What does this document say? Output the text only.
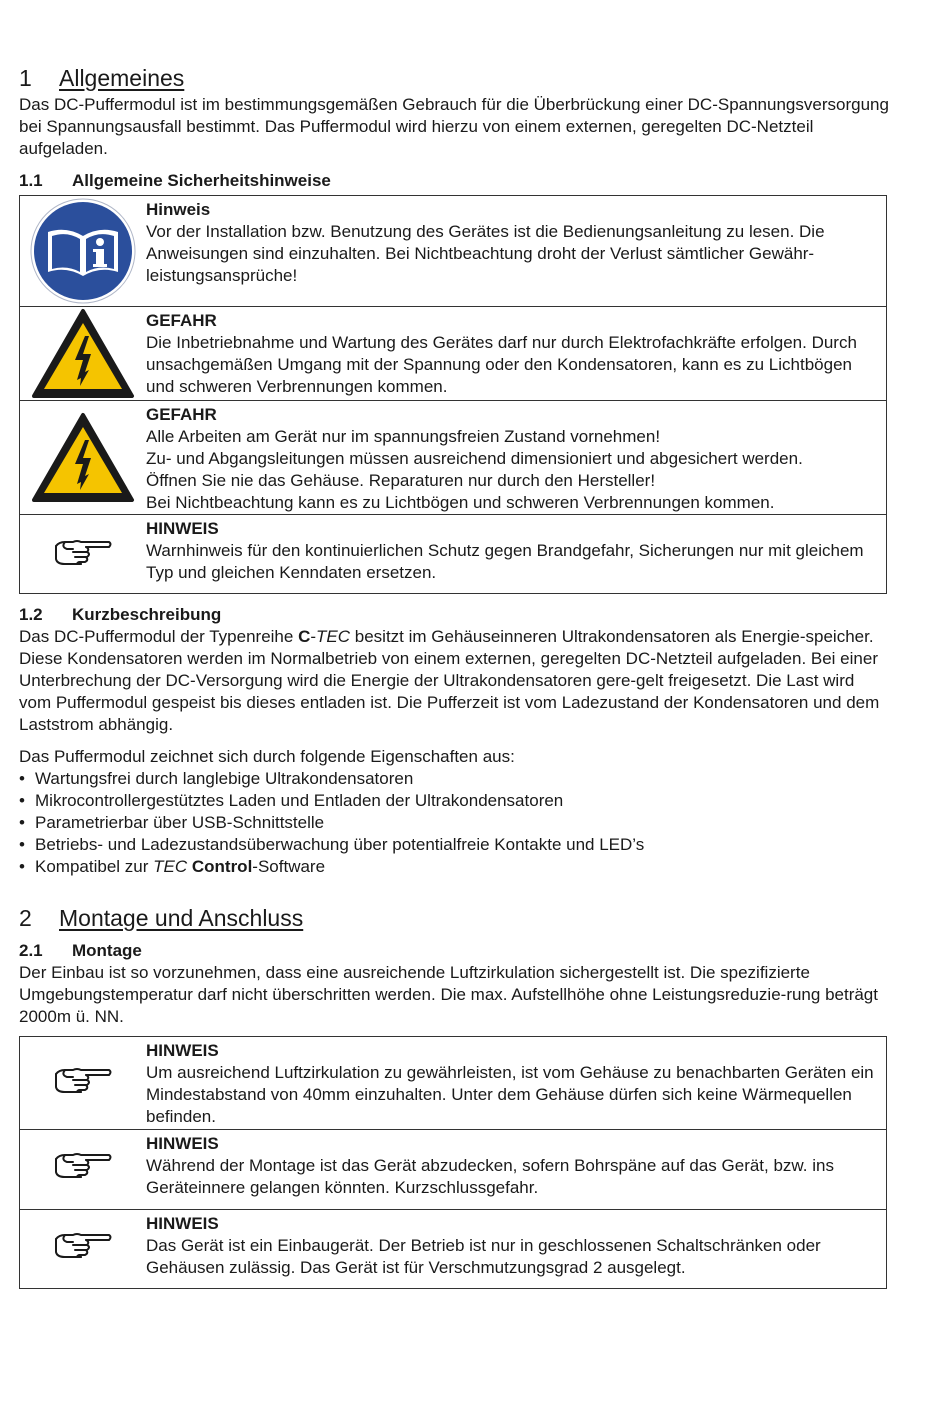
1	Allgemeines

Das DC-Puffermodul ist im bestimmungsgemäßen Gebrauch für die Überbrückung einer DC-Spannungsversorgung bei Spannungsausfall bestimmt. Das Puffermodul wird hierzu von einem externen, geregelten DC-Netzteil aufgeladen.

1.1	Allgemeine Sicherheitshinweise
Hinweis
Vor der Installation bzw. Benutzung des Gerätes ist die Bedienungsanleitung zu lesen. Die Anweisungen sind einzuhalten. Bei Nichtbeachtung droht der Verlust sämtlicher Gewähr-leistungsansprüche!
GEFAHR
Die Inbetriebnahme und Wartung des Gerätes darf nur durch Elektrofachkräfte erfolgen. Durch unsachgemäßen Umgang mit der Spannung oder den Kondensatoren, kann es zu Lichtbögen und schweren Verbrennungen kommen.
GEFAHR
Alle Arbeiten am Gerät nur im spannungsfreien Zustand vornehmen!
Zu- und Abgangsleitungen müssen ausreichend dimensioniert und abgesichert werden.
Öffnen Sie nie das Gehäuse. Reparaturen nur durch den Hersteller!
Bei Nichtbeachtung kann es zu Lichtbögen und schweren Verbrennungen kommen.
HINWEIS
Warnhinweis für den kontinuierlichen Schutz gegen Brandgefahr, Sicherungen nur mit gleichem Typ und gleichen Kenndaten ersetzen.
1.2	Kurzbeschreibung

Das DC-Puffermodul der Typenreihe C-TEC besitzt im Gehäuseinneren Ultrakondensatoren als Energie-speicher. Diese Kondensatoren werden im Normalbetrieb von einem externen, geregelten DC-Netzteil aufgeladen. Bei einer Unterbrechung der DC-Versorgung wird die Energie der Ultrakondensatoren gere-gelt freigesetzt. Die Last wird vom Puffermodul gespeist bis dieses entladen ist. Die Pufferzeit ist vom Ladezustand der Kondensatoren und dem Laststrom abhängig.

Das Puffermodul zeichnet sich durch folgende Eigenschaften aus:

• Wartungsfrei durch langlebige Ultrakondensatoren
• Mikrocontrollergestütztes Laden und Entladen der Ultrakondensatoren
• Parametrierbar über USB-Schnittstelle
• Betriebs- und Ladezustandsüberwachung über potentialfreie Kontakte und LED’s
• Kompatibel zur TEC Control-Software
2	Montage und Anschluss
2.1	Montage

Der Einbau ist so vorzunehmen, dass eine ausreichende Luftzirkulation sichergestellt ist. Die spezifizierte Umgebungstemperatur darf nicht überschritten werden. Die max. Aufstellhöhe ohne Leistungsreduzie-rung beträgt 2000m ü. NN.

HINWEIS
Um ausreichend Luftzirkulation zu gewährleisten, ist vom Gehäuse zu benachbarten Geräten ein Mindestabstand von 40mm einzuhalten. Unter dem Gehäuse dürfen sich keine Wärmequellen befinden.
HINWEIS
Während der Montage ist das Gerät abzudecken, sofern Bohrspäne auf das Gerät, bzw. ins Geräteinnere gelangen könnten. Kurzschlussgefahr.
HINWEIS
Das Gerät ist ein Einbaugerät. Der Betrieb ist nur in geschlossenen Schaltschränken oder Gehäusen zulässig. Das Gerät ist für Verschmutzungsgrad 2 ausgelegt.
